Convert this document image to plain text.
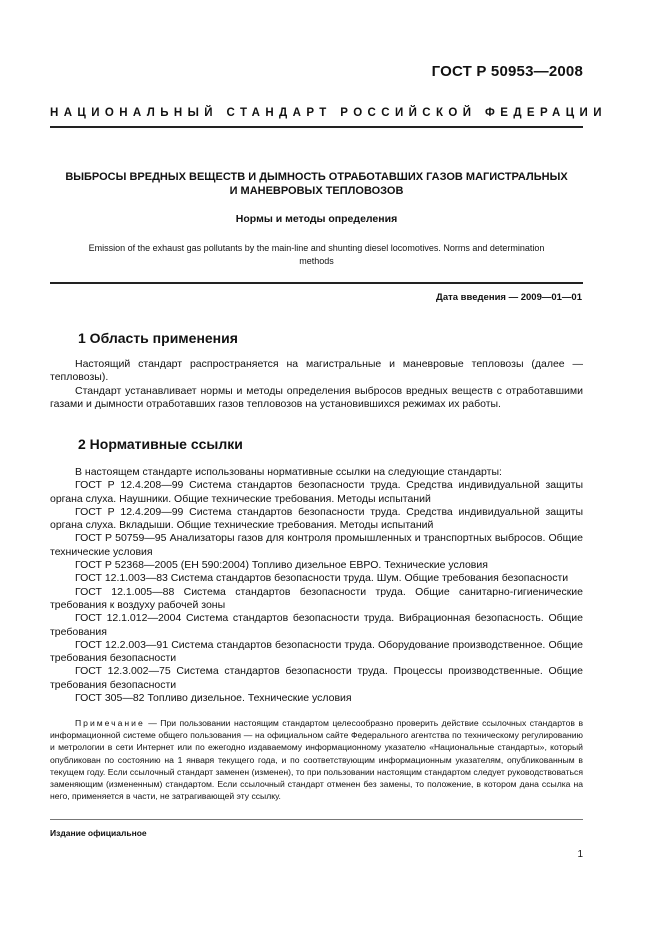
ГОСТ Р 50953—2008
НАЦИОНАЛЬНЫЙ СТАНДАРТ РОССИЙСКОЙ ФЕДЕРАЦИИ
ВЫБРОСЫ ВРЕДНЫХ ВЕЩЕСТВ И ДЫМНОСТЬ ОТРАБОТАВШИХ ГАЗОВ МАГИСТРАЛЬНЫХ
И МАНЕВРОВЫХ ТЕПЛОВОЗОВ
Нормы и методы определения
Emission of the exhaust gas pollutants by the main-line and shunting diesel locomotives. Norms and determination
methods
Дата введения — 2009—01—01
1 Область применения

Настоящий стандарт распространяется на магистральные и маневровые тепловозы (далее — тепловозы).

Стандарт устанавливает нормы и методы определения выбросов вредных веществ с отработавшими газами и дымности отработавших газов тепловозов на установившихся режимах их работы.

2 Нормативные ссылки

В настоящем стандарте использованы нормативные ссылки на следующие стандарты:

ГОСТ Р 12.4.208—99 Система стандартов безопасности труда. Средства индивидуальной защиты органа слуха. Наушники. Общие технические требования. Методы испытаний

ГОСТ Р 12.4.209—99 Система стандартов безопасности труда. Средства индивидуальной защиты органа слуха. Вкладыши. Общие технические требования. Методы испытаний

ГОСТ Р 50759—95 Анализаторы газов для контроля промышленных и транспортных выбросов. Общие технические условия

ГОСТ Р 52368—2005 (ЕН 590:2004) Топливо дизельное ЕВРО. Технические условия

ГОСТ 12.1.003—83 Система стандартов безопасности труда. Шум. Общие требования безопасности

ГОСТ 12.1.005—88 Система стандартов безопасности труда. Общие санитарно-гигиенические требования к воздуху рабочей зоны

ГОСТ 12.1.012—2004 Система стандартов безопасности труда. Вибрационная безопасность. Общие требования

ГОСТ 12.2.003—91 Система стандартов безопасности труда. Оборудование производственное. Общие требования безопасности

ГОСТ 12.3.002—75 Система стандартов безопасности труда. Процессы производственные. Общие требования безопасности

ГОСТ 305—82 Топливо дизельное. Технические условия

Примечание — При пользовании настоящим стандартом целесообразно проверить действие ссылочных стандартов в информационной системе общего пользования — на официальном сайте Федерального агентства по техническому регулированию и метрологии в сети Интернет или по ежегодно издаваемому информационному указателю «Национальные стандарты», который опубликован по состоянию на 1 января текущего года, и по соответствующим информационным указателям, опубликованным в текущем году. Если ссылочный стандарт заменен (изменен), то при пользовании настоящим стандартом следует руководствоваться заменяющим (измененным) стандартом. Если ссылочный стандарт отменен без замены, то положение, в котором дана ссылка на него, применяется в части, не затрагивающей эту ссылку.

Издание официальное
1
